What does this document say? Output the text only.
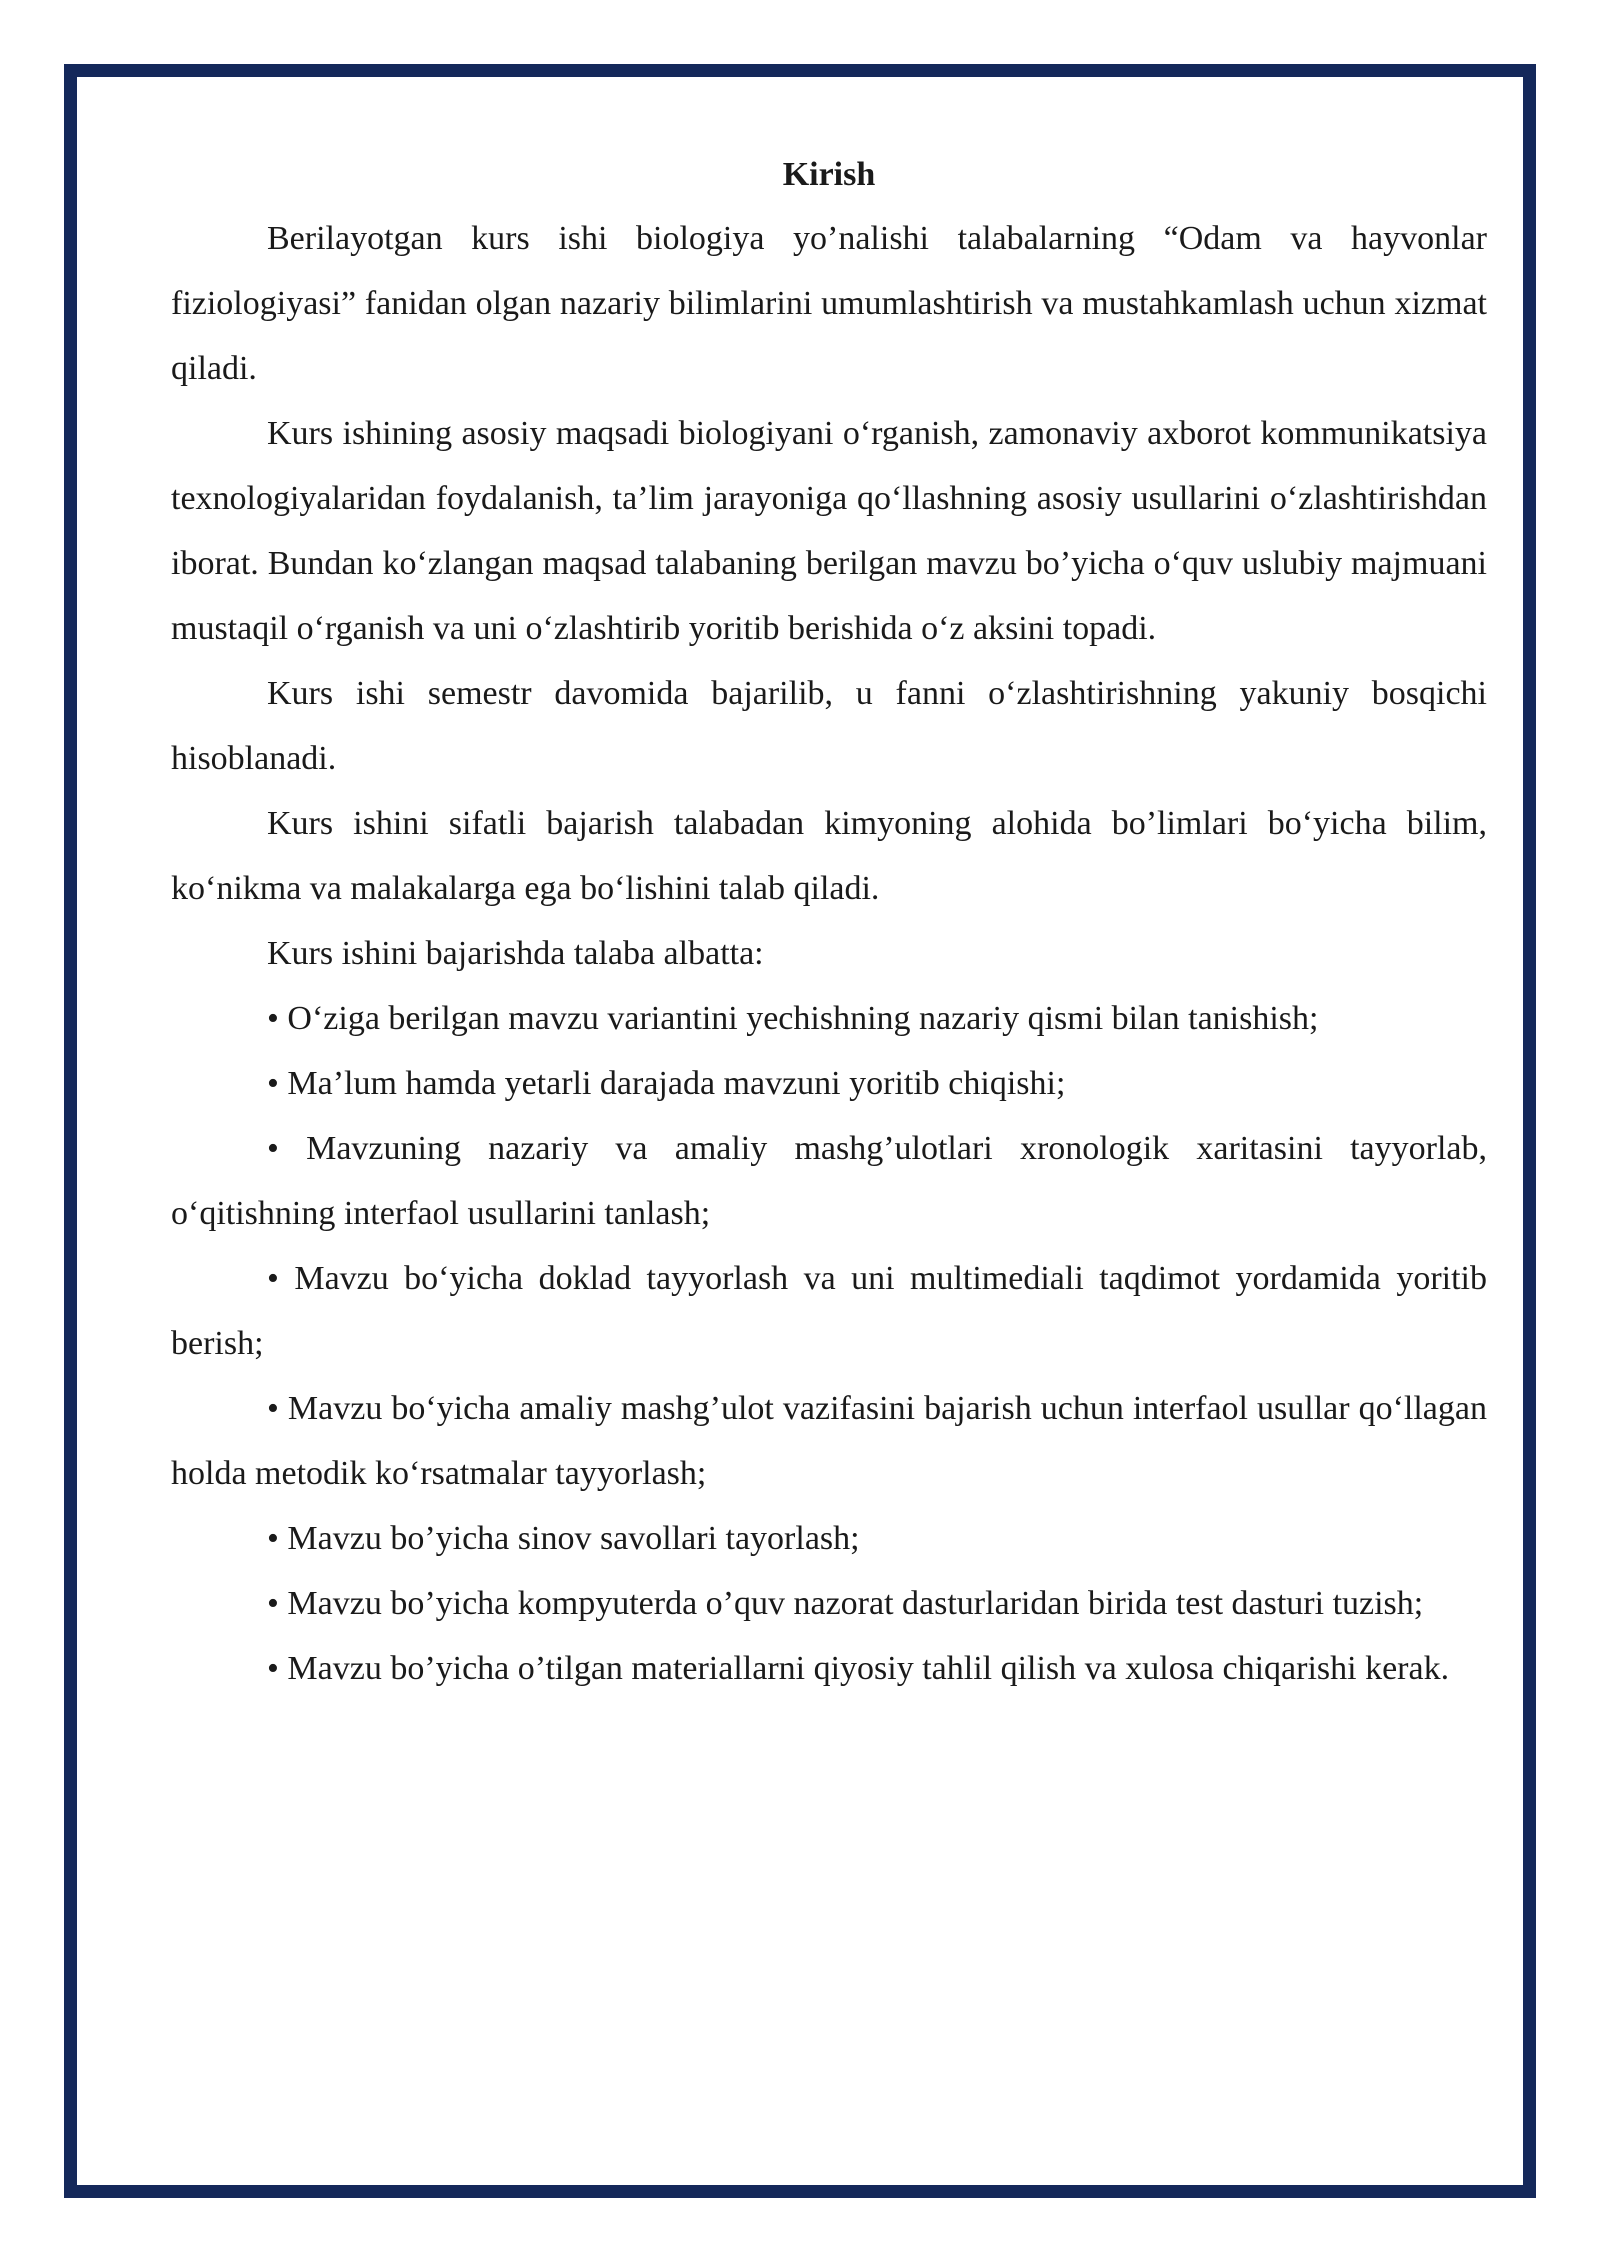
Kirish

Berilayotgan kurs ishi biologiya yo’nalishi talabalarning “Odam va hayvonlar fiziologiyasi” fanidan olgan nazariy bilimlarini umumlashtirish va mustahkamlash uchun xizmat qiladi.

Kurs ishining asosiy maqsadi biologiyani o‘rganish, zamonaviy axborot kommunikatsiya texnologiyalaridan foydalanish, ta’lim jarayoniga qo‘llashning asosiy usullarini o‘zlashtirishdan iborat. Bundan ko‘zlangan maqsad talabaning berilgan mavzu bo’yicha o‘quv uslubiy majmuani mustaqil o‘rganish va uni o‘zlashtirib yoritib berishida o‘z aksini topadi.

Kurs ishi semestr davomida bajarilib, u fanni o‘zlashtirishning yakuniy bosqichi hisoblanadi.

Kurs ishini sifatli bajarish talabadan kimyoning alohida bo’limlari bo‘yicha bilim, ko‘nikma va malakalarga ega bo‘lishini talab qiladi.

Kurs ishini bajarishda talaba albatta:

• O‘ziga berilgan mavzu variantini yechishning nazariy qismi bilan tanishish;

• Ma’lum hamda yetarli darajada mavzuni yoritib chiqishi;

• Mavzuning nazariy va amaliy mashg’ulotlari xronologik xaritasini tayyorlab, o‘qitishning interfaol usullarini tanlash;

• Mavzu bo‘yicha doklad tayyorlash va uni multimediali taqdimot yordamida yoritib berish;

• Mavzu bo‘yicha amaliy mashg’ulot vazifasini bajarish uchun interfaol usullar qo‘llagan holda metodik ko‘rsatmalar tayyorlash;

• Mavzu bo’yicha sinov savollari tayorlash;

• Mavzu bo’yicha kompyuterda o’quv nazorat dasturlaridan birida test dasturi tuzish;

• Mavzu bo’yicha o’tilgan materiallarni qiyosiy tahlil qilish va xulosa chiqarishi kerak.
